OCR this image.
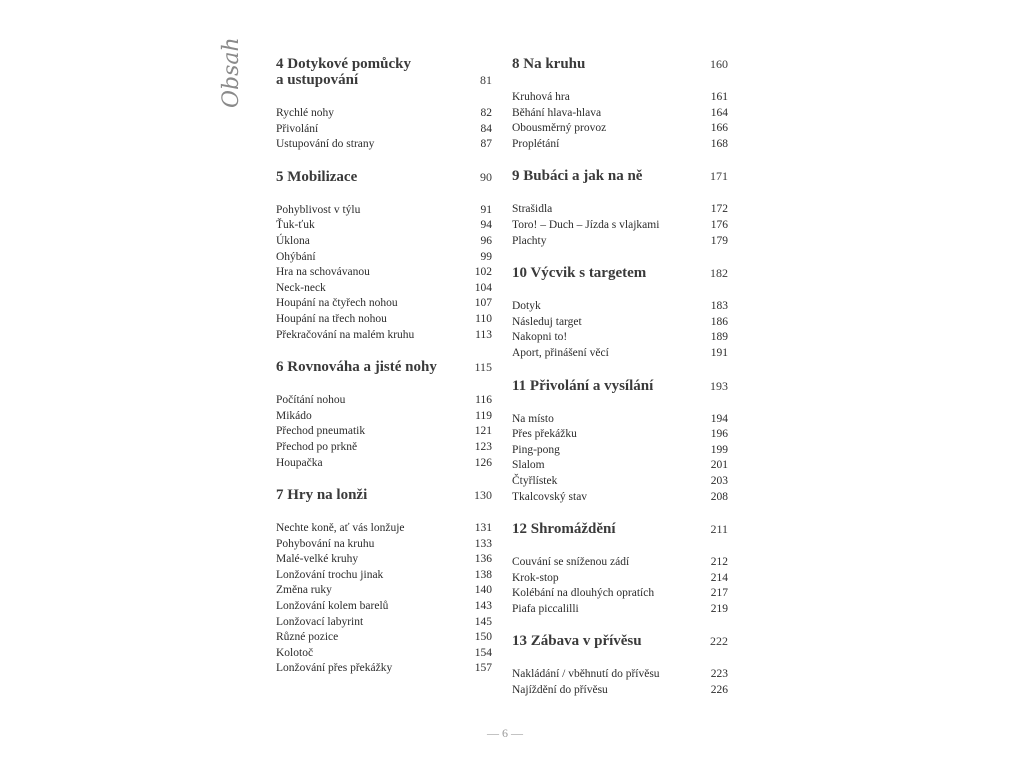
Obsah	4 Dotykové pomůcky
a ustupování	81
Rychlé nohy	82
Přivolání	84
Ustupování do strany	87
5 Mobilizace	90
Pohyblivost v týlu	91
Ťuk-ťuk	94
Úklona	96
Ohýbání	99
Hra na schovávanou	102
Neck-neck	104
Houpání na čtyřech nohou	107
Houpání na třech nohou	110
Překračování na malém kruhu	113
6 Rovnováha a jisté nohy	115
Počítání nohou	116
Mikádo	119
Přechod pneumatik	121
Přechod po prkně	123
Houpačka	126
7 Hry na lonži	130
Nechte koně, ať vás lonžuje	131
Pohybování na kruhu	133
Malé-velké kruhy	136
Lonžování trochu jinak	138
Změna ruky	140
Lonžování kolem barelů	143
Lonžovací labyrint	145
Různé pozice	150
Kolotoč	154
Lonžování přes překážky	157
8 Na kruhu	160
Kruhová hra	161
Běhání hlava-hlava	164
Obousměrný provoz	166
Proplétání	168
9 Bubáci a jak na ně	171
Strašidla	172
Toro! – Duch – Jízda s vlajkami	176
Plachty	179
10 Výcvik s targetem	182
Dotyk	183
Následuj target	186
Nakopni to!	189
Aport, přinášení věcí	191
11 Přivolání a vysílání	193
Na místo	194
Přes překážku	196
Ping-pong	199
Slalom	201
Čtyřlístek	203
Tkalcovský stav	208
12 Shromáždění	211
Couvání se sníženou zádí	212
Krok-stop	214
Kolébání na dlouhých opratích	217
Piafa piccalilli	219
13 Zábava v přívěsu	222
Nakládání / vběhnutí do přívěsu	223
Najíždění do přívěsu	226
— 6 —
